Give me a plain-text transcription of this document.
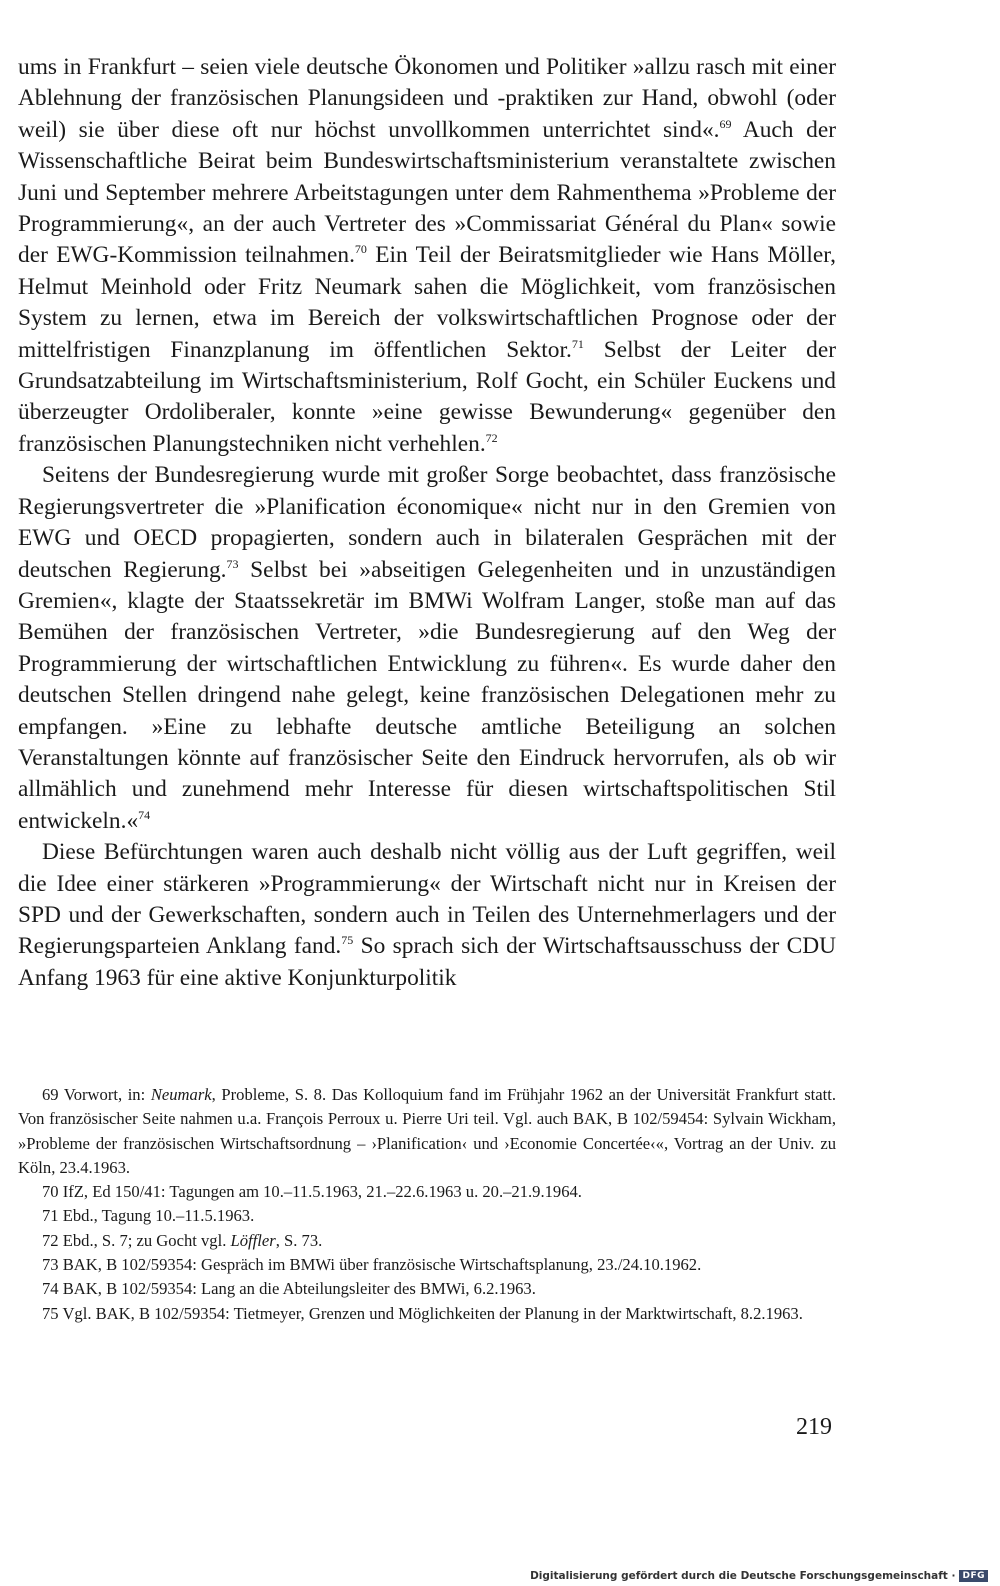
ums in Frankfurt – seien viele deutsche Ökonomen und Politiker »allzu rasch mit einer Ablehnung der französischen Planungsideen und -praktiken zur Hand, obwohl (oder weil) sie über diese oft nur höchst unvollkommen unterrichtet sind«.$^{69}$ Auch der Wissenschaftliche Beirat beim Bundeswirtschaftsministerium veranstaltete zwischen Juni und September mehrere Arbeitstagungen unter dem Rahmenthema »Probleme der Programmierung«, an der auch Vertreter des »Commissariat Général du Plan« sowie der EWG-Kommission teilnahmen.$^{70}$ Ein Teil der Beiratsmitglieder wie Hans Möller, Helmut Meinhold oder Fritz Neumark sahen die Möglichkeit, vom französischen System zu lernen, etwa im Bereich der volkswirtschaftlichen Prognose oder der mittelfristigen Finanzplanung im öffentlichen Sektor.$^{71}$ Selbst der Leiter der Grundsatzabteilung im Wirtschaftsministerium, Rolf Gocht, ein Schüler Euckens und überzeugter Ordoliberaler, konnte »eine gewisse Bewunderung« gegenüber den französischen Planungstechniken nicht verhehlen.$^{72}$

Seitens der Bundesregierung wurde mit großer Sorge beobachtet, dass französische Regierungsvertreter die »Planification économique« nicht nur in den Gremien von EWG und OECD propagierten, sondern auch in bilateralen Gesprächen mit der deutschen Regierung.$^{73}$ Selbst bei »abseitigen Gelegenheiten und in unzuständigen Gremien«, klagte der Staatssekretär im BMWi Wolfram Langer, stoße man auf das Bemühen der französischen Vertreter, »die Bundesregierung auf den Weg der Programmierung der wirtschaftlichen Entwicklung zu führen«. Es wurde daher den deutschen Stellen dringend nahe gelegt, keine französischen Delegationen mehr zu empfangen. »Eine zu lebhafte deutsche amtliche Beteiligung an solchen Veranstaltungen könnte auf französischer Seite den Eindruck hervorrufen, als ob wir allmählich und zunehmend mehr Interesse für diesen wirtschaftspolitischen Stil entwickeln.«$^{74}$

Diese Befürchtungen waren auch deshalb nicht völlig aus der Luft gegriffen, weil die Idee einer stärkeren »Programmierung« der Wirtschaft nicht nur in Kreisen der SPD und der Gewerkschaften, sondern auch in Teilen des Unternehmerlagers und der Regierungsparteien Anklang fand.$^{75}$ So sprach sich der Wirtschaftsausschuss der CDU Anfang 1963 für eine aktive Konjunkturpolitik

69 Vorwort, in: Neumark, Probleme, S. 8. Das Kolloquium fand im Frühjahr 1962 an der Universität Frankfurt statt. Von französischer Seite nahmen u.a. François Perroux u. Pierre Uri teil. Vgl. auch BAK, B 102/59454: Sylvain Wickham, »Probleme der französischen Wirtschaftsordnung – ›Planification‹ und ›Economie Concertée‹«, Vortrag an der Univ. zu Köln, 23.4.1963.

70 IfZ, Ed 150/41: Tagungen am 10.–11.5.1963, 21.–22.6.1963 u. 20.–21.9.1964.

71 Ebd., Tagung 10.–11.5.1963.

72 Ebd., S. 7; zu Gocht vgl. Löffler, S. 73.

73 BAK, B 102/59354: Gespräch im BMWi über französische Wirtschaftsplanung, 23./24.10.1962.

74 BAK, B 102/59354: Lang an die Abteilungsleiter des BMWi, 6.2.1963.

75 Vgl. BAK, B 102/59354: Tietmeyer, Grenzen und Möglichkeiten der Planung in der Marktwirtschaft, 8.2.1963.

219
Digitalisierung gefördert durch die Deutsche Forschungsgemeinschaft · DFG
